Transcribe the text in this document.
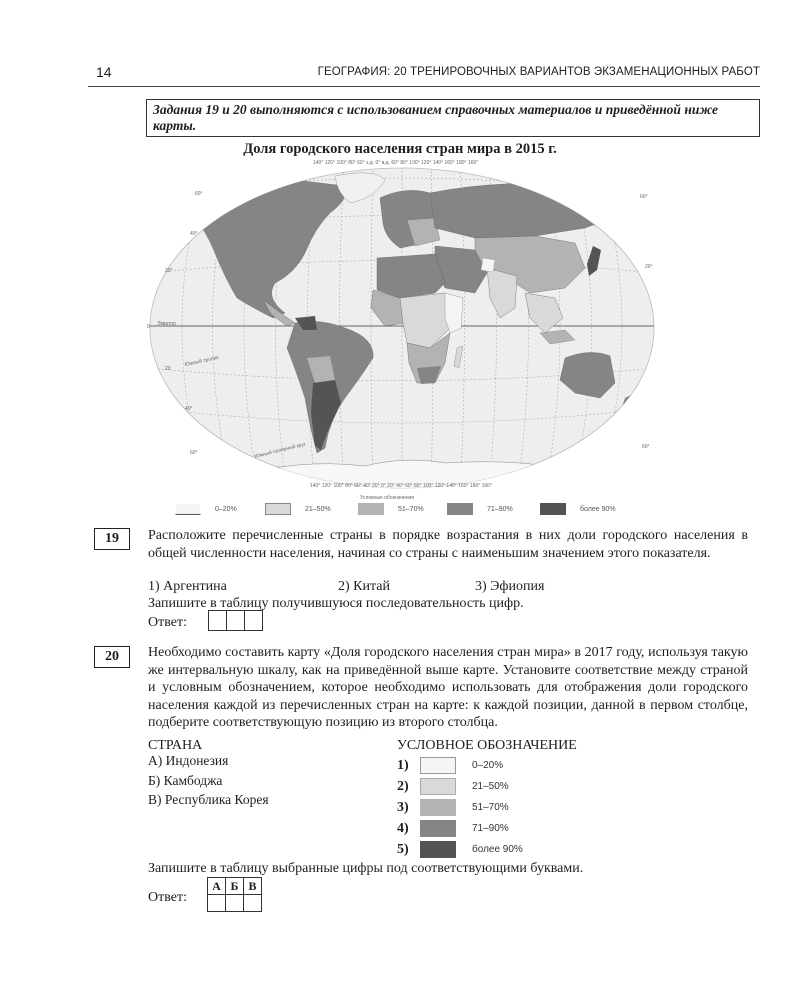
14	ГЕОГРАФИЯ: 20 ТРЕНИРОВОЧНЫХ ВАРИАНТОВ ЭКЗАМЕНАЦИОННЫХ РАБОТ
Задания 19 и 20 выполняются с использованием справочных материалов и приведённой ниже карты.
Доля городского населения стран мира в 2015 г.
140° 120° 100° 80° 60° з.д. 0° в.д. 60° 80° 100° 120° 140° 160° 180° 160°
140° 120° 100° 80° 60° 40° 20° 0° 20° 40° 60° 80° 100° 120° 140° 160° 180° 160°
60°
40°
20°
0
20
40°
60°
Экватор
Южный тропик
Южный полярный круг
60°
20°
60°
Условные обозначения
0–20%	21–50%	51–70%	71–90%	более 90%
19	Расположите перечисленные страны в порядке возрастания в них доли городского населения в общей численности населения, начиная со страны с наименьшим значением этого показателя.
1) Аргентина	2) Китай	3) Эфиопия
Запишите в таблицу получившуюся последовательность цифр.
Ответ:
20	Необходимо составить карту «Доля городского населения стран мира» в 2017 году, используя такую же интервальную шкалу, как на приведённой выше карте. Установите соответствие между страной и условным обозначением, которое необходимо использовать для отображения доли городского населения каждой из перечисленных стран на карте: к каждой позиции, данной в первом столбце, подберите соответствующую позицию из второго столбца.
СТРАНА	УСЛОВНОЕ ОБОЗНАЧЕНИЕ
А) Индонезия
Б) Камбоджа
В) Республика Корея
1)	0–20%
2)	21–50%
3)	51–70%
4)	71–90%
5)	более 90%
Запишите в таблицу выбранные цифры под соответствующими буквами.
Ответ:
А	Б	В
